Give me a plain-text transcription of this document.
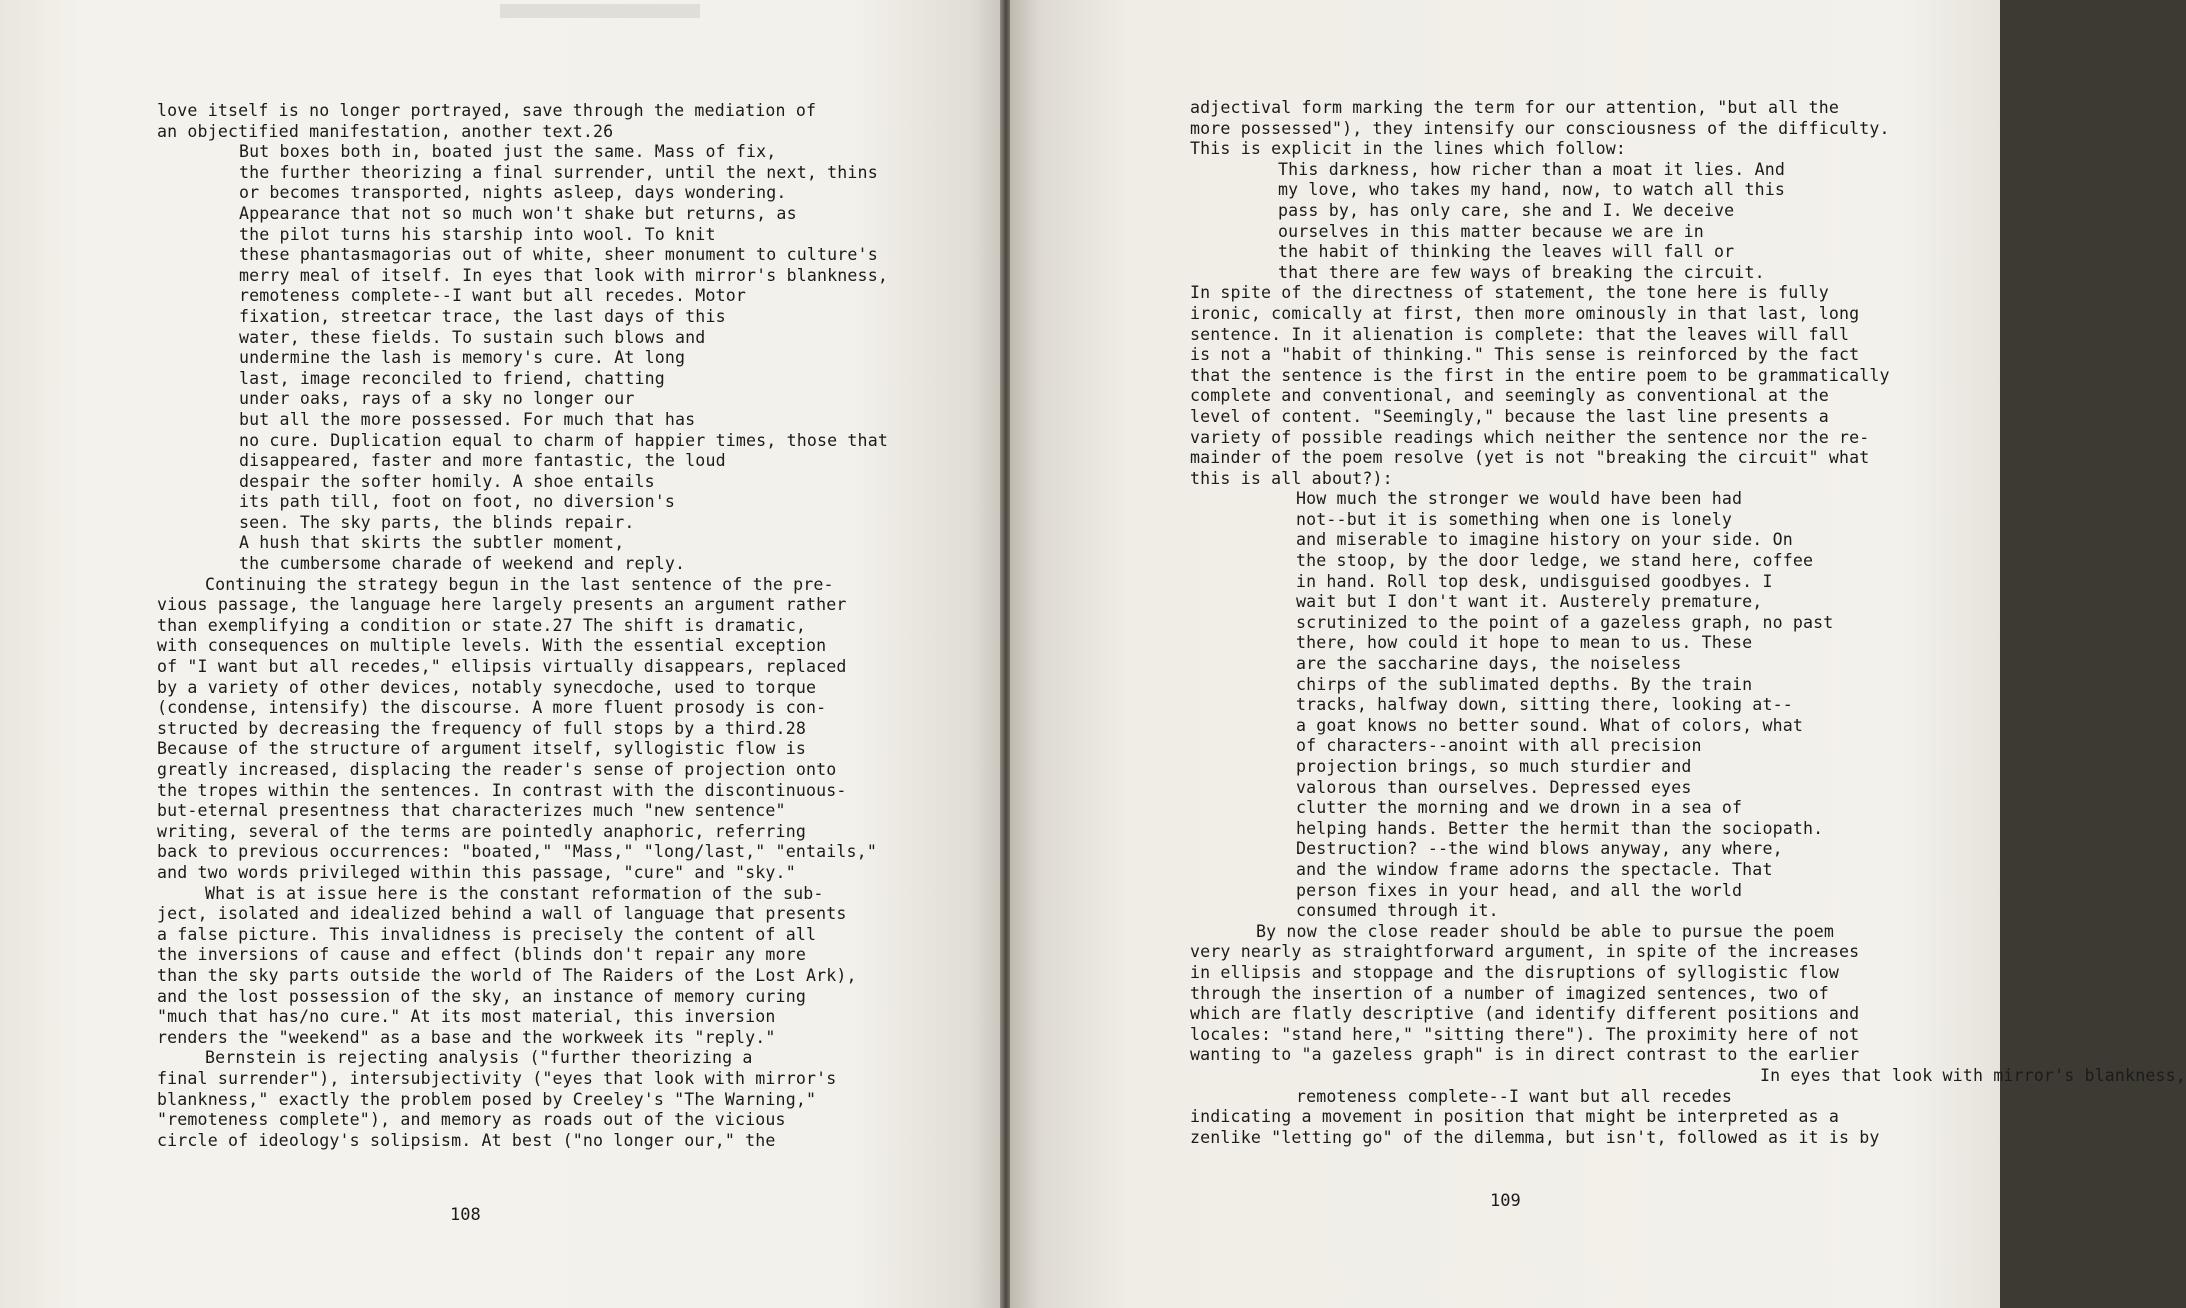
love itself is no longer portrayed, save through the mediation of
an objectified manifestation, another text.26
But boxes both in, boated just the same. Mass of fix,
the further theorizing a final surrender, until the next, thins
or becomes transported, nights asleep, days wondering.
Appearance that not so much won't shake but returns, as
the pilot turns his starship into wool. To knit
these phantasmagorias out of white, sheer monument to culture's
merry meal of itself. In eyes that look with mirror's blankness,
remoteness complete--I want but all recedes. Motor
fixation, streetcar trace, the last days of this
water, these fields. To sustain such blows and
undermine the lash is memory's cure. At long
last, image reconciled to friend, chatting
under oaks, rays of a sky no longer our
but all the more possessed. For much that has
no cure. Duplication equal to charm of happier times, those that
disappeared, faster and more fantastic, the loud
despair the softer homily. A shoe entails
its path till, foot on foot, no diversion's
seen. The sky parts, the blinds repair.
A hush that skirts the subtler moment,
the cumbersome charade of weekend and reply.
Continuing the strategy begun in the last sentence of the pre-
vious passage, the language here largely presents an argument rather
than exemplifying a condition or state.27 The shift is dramatic,
with consequences on multiple levels. With the essential exception
of "I want but all recedes," ellipsis virtually disappears, replaced
by a variety of other devices, notably synecdoche, used to torque
(condense, intensify) the discourse. A more fluent prosody is con-
structed by decreasing the frequency of full stops by a third.28
Because of the structure of argument itself, syllogistic flow is
greatly increased, displacing the reader's sense of projection onto
the tropes within the sentences. In contrast with the discontinuous-
but-eternal presentness that characterizes much "new sentence"
writing, several of the terms are pointedly anaphoric, referring
back to previous occurrences: "boated," "Mass," "long/last," "entails,"
and two words privileged within this passage, "cure" and "sky."
What is at issue here is the constant reformation of the sub-
ject, isolated and idealized behind a wall of language that presents
a false picture. This invalidness is precisely the content of all
the inversions of cause and effect (blinds don't repair any more
than the sky parts outside the world of The Raiders of the Lost Ark),
and the lost possession of the sky, an instance of memory curing
"much that has/no cure." At its most material, this inversion
renders the "weekend" as a base and the workweek its "reply."
Bernstein is rejecting analysis ("further theorizing a
final surrender"), intersubjectivity ("eyes that look with mirror's
blankness," exactly the problem posed by Creeley's "The Warning,"
"remoteness complete"), and memory as roads out of the vicious
circle of ideology's solipsism. At best ("no longer our," the
108
adjectival form marking the term for our attention, "but all the
more possessed"), they intensify our consciousness of the difficulty.
This is explicit in the lines which follow:
This darkness, how richer than a moat it lies. And
my love, who takes my hand, now, to watch all this
pass by, has only care, she and I. We deceive
ourselves in this matter because we are in
the habit of thinking the leaves will fall or
that there are few ways of breaking the circuit.
In spite of the directness of statement, the tone here is fully
ironic, comically at first, then more ominously in that last, long
sentence. In it alienation is complete: that the leaves will fall
is not a "habit of thinking." This sense is reinforced by the fact
that the sentence is the first in the entire poem to be grammatically
complete and conventional, and seemingly as conventional at the
level of content. "Seemingly," because the last line presents a
variety of possible readings which neither the sentence nor the re-
mainder of the poem resolve (yet is not "breaking the circuit" what
this is all about?):
How much the stronger we would have been had
not--but it is something when one is lonely
and miserable to imagine history on your side. On
the stoop, by the door ledge, we stand here, coffee
in hand. Roll top desk, undisguised goodbyes. I
wait but I don't want it. Austerely premature,
scrutinized to the point of a gazeless graph, no past
there, how could it hope to mean to us. These
are the saccharine days, the noiseless
chirps of the sublimated depths. By the train
tracks, halfway down, sitting there, looking at--
a goat knows no better sound. What of colors, what
of characters--anoint with all precision
projection brings, so much sturdier and
valorous than ourselves. Depressed eyes
clutter the morning and we drown in a sea of
helping hands. Better the hermit than the sociopath.
Destruction? --the wind blows anyway, any where,
and the window frame adorns the spectacle. That
person fixes in your head, and all the world
consumed through it.
By now the close reader should be able to pursue the poem
very nearly as straightforward argument, in spite of the increases
in ellipsis and stoppage and the disruptions of syllogistic flow
through the insertion of a number of imagized sentences, two of
which are flatly descriptive (and identify different positions and
locales: "stand here," "sitting there"). The proximity here of not
wanting to "a gazeless graph" is in direct contrast to the earlier
In eyes that look with mirror's blankness,
remoteness complete--I want but all recedes
indicating a movement in position that might be interpreted as a
zenlike "letting go" of the dilemma, but isn't, followed as it is by
109
